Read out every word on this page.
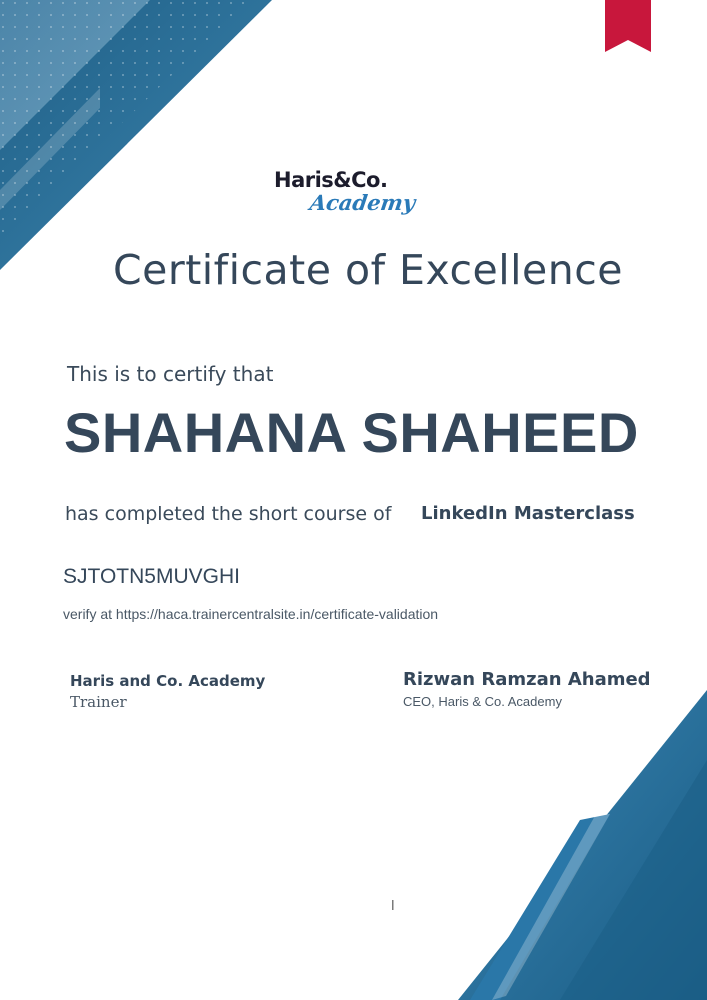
Haris&Co.
Academy
Certificate of Excellence
This is to certify that
SHAHANA SHAHEED
has completed the short course of LinkedIn Masterclass
SJTOTN5MUVGHI
verify at https://haca.trainercentralsite.in/certificate-validation
Haris and Co. Academy
Trainer
Rizwan Ramzan Ahamed
CEO, Haris & Co. Academy
l
